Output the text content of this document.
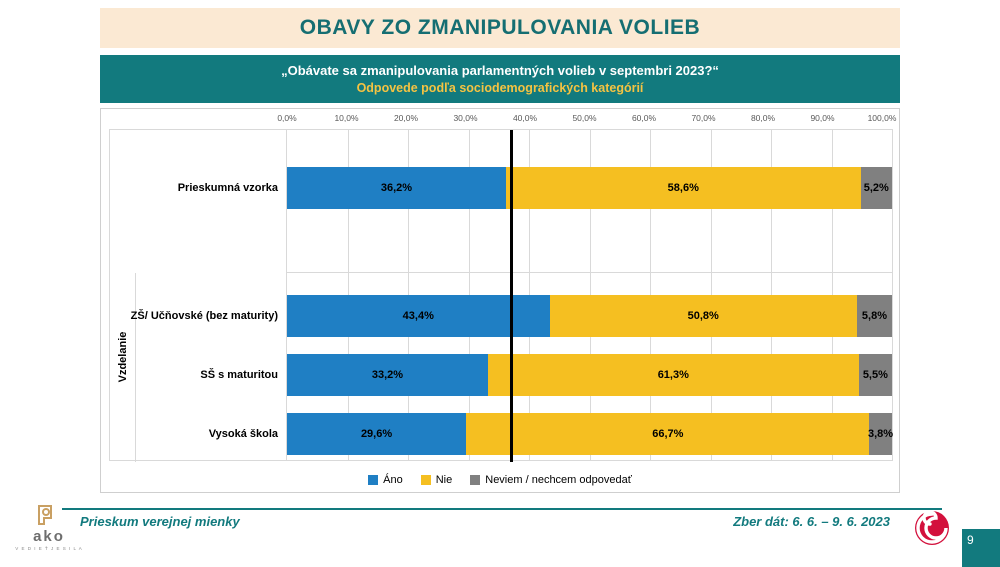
OBAVY ZO ZMANIPULOVANIA VOLIEB
„Obávate sa zmanipulovania parlamentných volieb v septembri 2023?“
Odpovede podľa sociodemografických kategórií
0,0%	10,0%	20,0%	30,0%	40,0%	50,0%	60,0%	70,0%	80,0%	90,0%	100,0%
Vzdelanie
Prieskumná vzorka
ZŠ/ Učňovské (bez maturity)
SŠ s maturitou
Vysoká škola
36,2%	58,6%	5,2%
43,4%	50,8%	5,8%
33,2%	61,3%	5,5%
29,6%	66,7%	3,8%
Áno	Nie	Neviem / nechcem odpovedať
Prieskum verejnej mienky	Zber dát: 6. 6. – 9. 6. 2023
ako
V E D I E Ť J E S I L A
9
